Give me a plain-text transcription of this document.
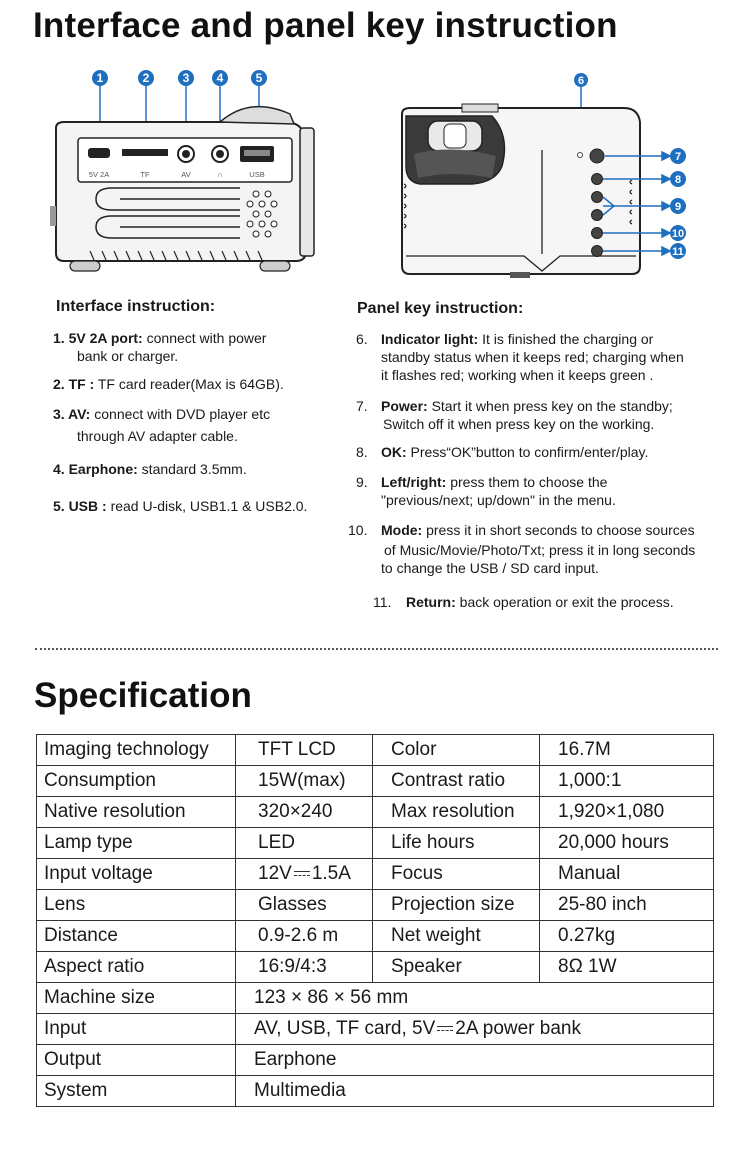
Interface and panel key instruction
1	2	3 4	5
5V 2A	TF	AV	∩	USB
6
7
8
9
10
11
Interface instruction:
1. 5V 2A port: connect with power
bank or charger.
2. TF : TF card reader(Max is 64GB).
3. AV: connect with DVD player etc
through AV adapter cable.
4. Earphone: standard 3.5mm.
5. USB : read U-disk, USB1.1 & USB2.0.
Panel key instruction:
6. Indicator light: It is finished the charging or
standby status when it keeps red; charging when
it flashes red; working when it keeps green .
7. Power: Start it when press key on the standby;
Switch off it when press key on the working.
8. OK: Press“OK”button to confirm/enter/play.
9. Left/right: press them to choose the
"previous/next; up/down" in the menu.
10. Mode: press it in short seconds to choose sources
of Music/Movie/Photo/Txt; press it in long seconds
to change the USB / SD card input.
11. Return: back operation or exit the process.
Specification
Imaging technology	TFT LCD	Color	16.7M
Consumption	15W(max)	Contrast ratio	1,000:1
Native resolution	320×240	Max resolution	1,920×1,080
Lamp type	LED	Life hours	20,000 hours
Input voltage	12V 1.5A	Focus	Manual
Lens	Glasses	Projection size	25-80 inch
Distance	0.9-2.6 m	Net weight	0.27kg
Aspect ratio	16:9/4:3	Speaker	8Ω 1W
Machine size	123 × 86 × 56 mm		
Input	AV, USB, TF card, 5V 2A power bank		
Output	Earphone		
System	Multimedia		
